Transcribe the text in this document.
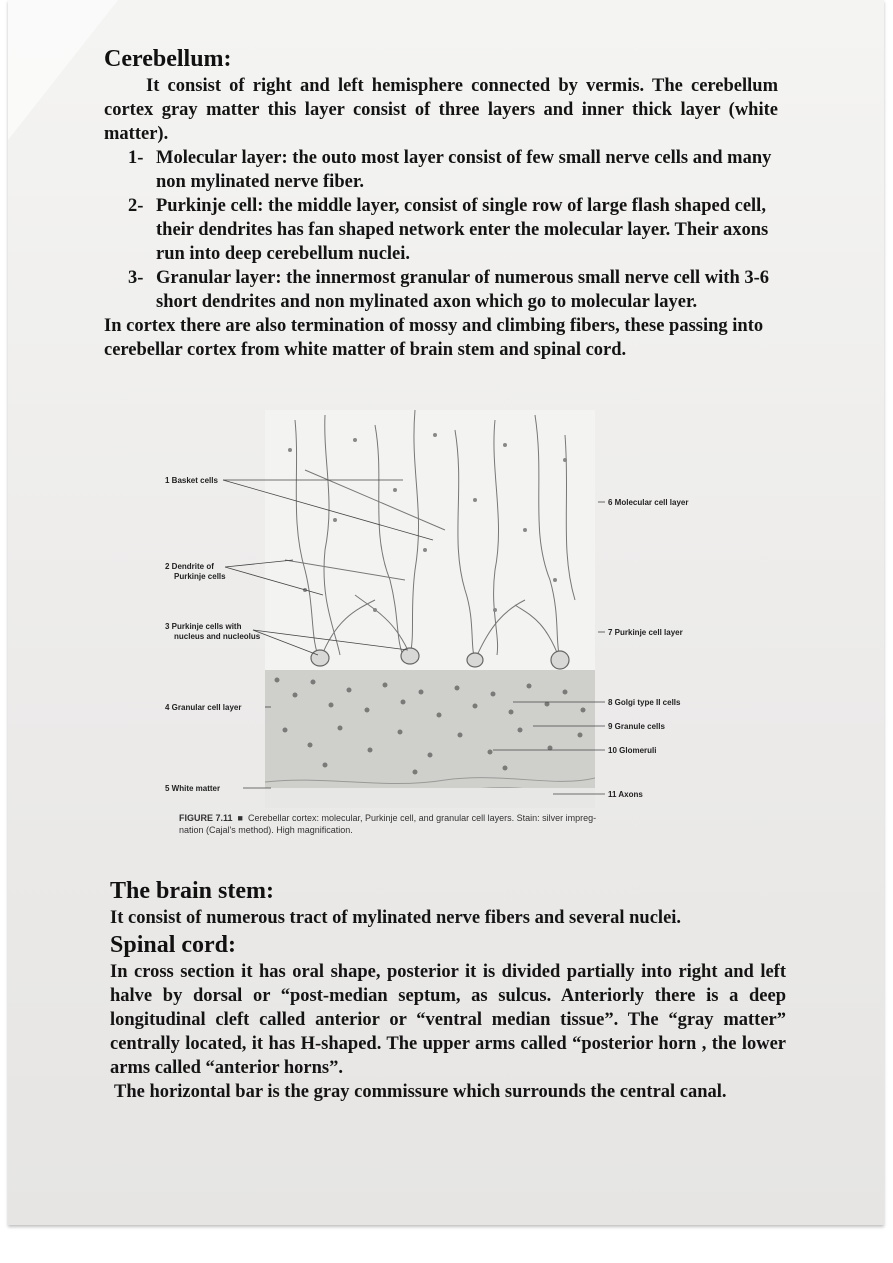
Cerebellum:

It consist of right and left hemisphere connected by vermis. The cerebellum cortex gray matter this layer consist of three layers and inner thick layer (white matter).

1- Molecular layer: the outo most layer consist of few small nerve cells and many non mylinated nerve fiber.
2- Purkinje cell: the middle layer, consist of single row of large flash shaped cell, their dendrites has fan shaped network enter the molecular layer. Their axons run into deep cerebellum nuclei.
3- Granular layer: the innermost granular of numerous small nerve cell with 3-6 short dendrites and non mylinated axon which go to molecular layer.

In cortex there are also termination of mossy and climbing fibers, these passing into cerebellar cortex from white matter of brain stem and spinal cord.

1 Basket cells
2 Dendrite of
Purkinje cells
3 Purkinje cells with
nucleus and nucleolus
4 Granular cell layer
5 White matter
6 Molecular cell layer
7 Purkinje cell layer
8 Golgi type II cells
9 Granule cells
10 Glomeruli
11 Axons
FIGURE 7.11  ■  Cerebellar cortex: molecular, Purkinje cell, and granular cell layers. Stain: silver impreg-
nation (Cajal's method). High magnification.
The brain stem:

It consist of numerous tract of mylinated nerve fibers and several nuclei.

Spinal cord:

In cross section it has oral shape, posterior it is divided partially into right and left halve by dorsal or “post-median septum, as sulcus. Anteriorly there is a deep longitudinal cleft called anterior or “ventral median tissue”. The “gray matter” centrally located, it has H-shaped. The upper arms called “posterior horn , the lower arms called “anterior horns”.

The horizontal bar is the gray commissure which surrounds the central canal.
